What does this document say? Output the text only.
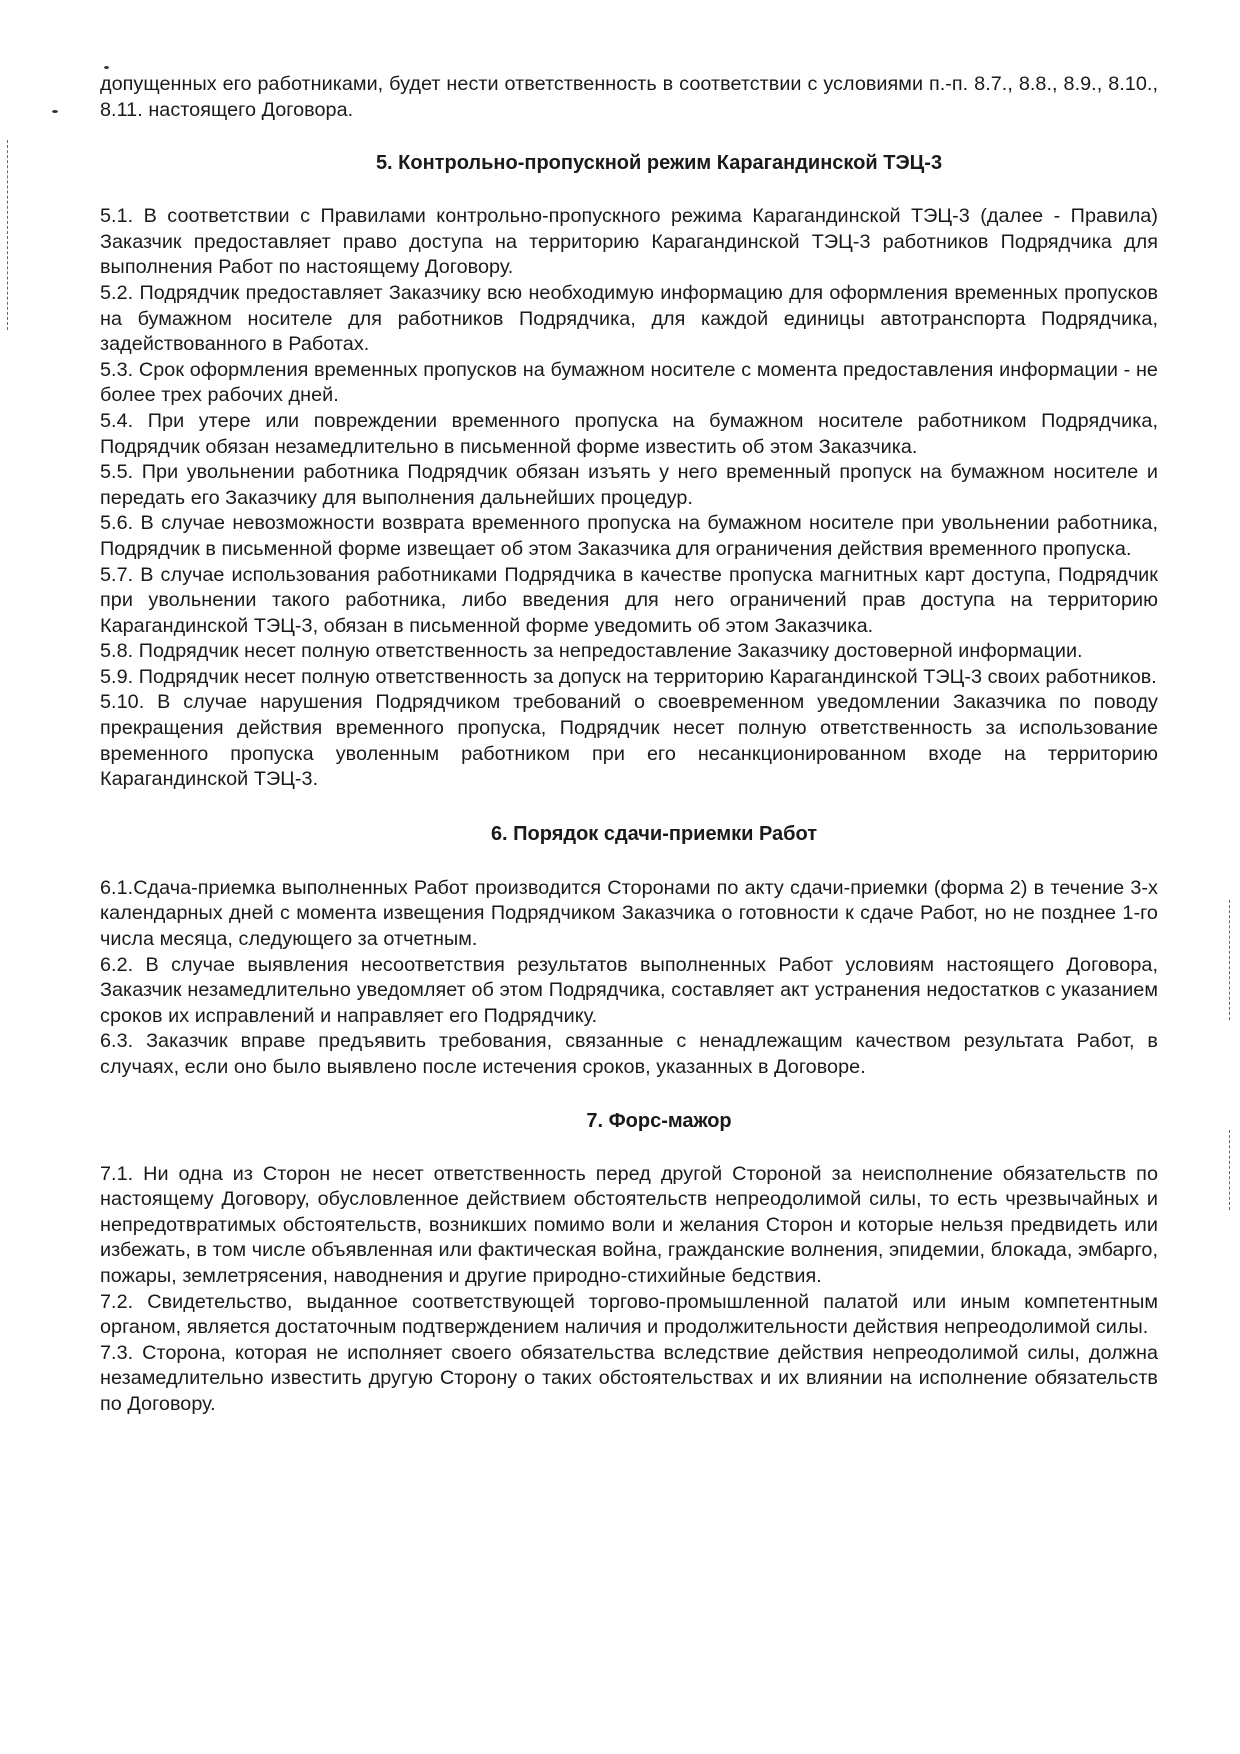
допущенных его работниками, будет нести ответственность в соответствии с условиями п.-п. 8.7., 8.8., 8.9., 8.10., 8.11. настоящего Договора.

5. Контрольно-пропускной режим Карагандинской ТЭЦ-3

5.1. В соответствии с Правилами контрольно-пропускного режима Карагандинской ТЭЦ-3 (далее - Правила) Заказчик предоставляет право доступа на территорию Карагандинской ТЭЦ-3 работников Подрядчика для выполнения Работ по настоящему Договору.

5.2. Подрядчик предоставляет Заказчику всю необходимую информацию для оформления временных пропусков на бумажном носителе для работников Подрядчика, для каждой единицы автотранспорта Подрядчика, задействованного в Работах.

5.3. Срок оформления временных пропусков на бумажном носителе с момента предоставления информации - не более трех рабочих дней.

5.4. При утере или повреждении временного пропуска на бумажном носителе работником Подрядчика, Подрядчик обязан незамедлительно в письменной форме известить об этом Заказчика.

5.5. При увольнении работника Подрядчик обязан изъять у него временный пропуск на бумажном носителе и передать его Заказчику для выполнения дальнейших процедур.

5.6. В случае невозможности возврата временного пропуска на бумажном носителе при увольнении работника, Подрядчик в письменной форме извещает об этом Заказчика для ограничения действия временного пропуска.

5.7. В случае использования работниками Подрядчика в качестве пропуска магнитных карт доступа, Подрядчик при увольнении такого работника, либо введения для него ограничений прав доступа на территорию Карагандинской ТЭЦ-3, обязан в письменной форме уведомить об этом Заказчика.

5.8. Подрядчик несет полную ответственность за непредоставление Заказчику достоверной информации.

5.9. Подрядчик несет полную ответственность за допуск на территорию Карагандинской ТЭЦ-3 своих работников.

5.10. В случае нарушения Подрядчиком требований о своевременном уведомлении Заказчика по поводу прекращения действия временного пропуска, Подрядчик несет полную ответственность за использование временного пропуска уволенным работником при его несанкционированном входе на территорию Карагандинской ТЭЦ-3.

6. Порядок сдачи-приемки Работ

6.1.Сдача-приемка выполненных Работ производится Сторонами по акту сдачи-приемки (форма 2) в течение 3-х календарных дней с момента извещения Подрядчиком Заказчика о готовности к сдаче Работ, но не позднее 1-го числа месяца, следующего за отчетным.

6.2. В случае выявления несоответствия результатов выполненных Работ условиям настоящего Договора, Заказчик незамедлительно уведомляет об этом Подрядчика, составляет акт устранения недостатков с указанием сроков их исправлений и направляет его Подрядчику.

6.3. Заказчик вправе предъявить требования, связанные с ненадлежащим качеством результата Работ, в случаях, если оно было выявлено после истечения сроков, указанных в Договоре.

7. Форс-мажор

7.1. Ни одна из Сторон не несет ответственность перед другой Стороной за неисполнение обязательств по настоящему Договору, обусловленное действием обстоятельств непреодолимой силы, то есть чрезвычайных и непредотвратимых обстоятельств, возникших помимо воли и желания Сторон и которые нельзя предвидеть или избежать, в том числе объявленная или фактическая война, гражданские волнения, эпидемии, блокада, эмбарго, пожары, землетрясения, наводнения и другие природно-стихийные бедствия.

7.2. Свидетельство, выданное соответствующей торгово-промышленной палатой или иным компетентным органом, является достаточным подтверждением наличия и продолжительности действия непреодолимой силы.

7.3. Сторона, которая не исполняет своего обязательства вследствие действия непреодолимой силы, должна незамедлительно известить другую Сторону о таких обстоятельствах и их влиянии на исполнение обязательств по Договору.
